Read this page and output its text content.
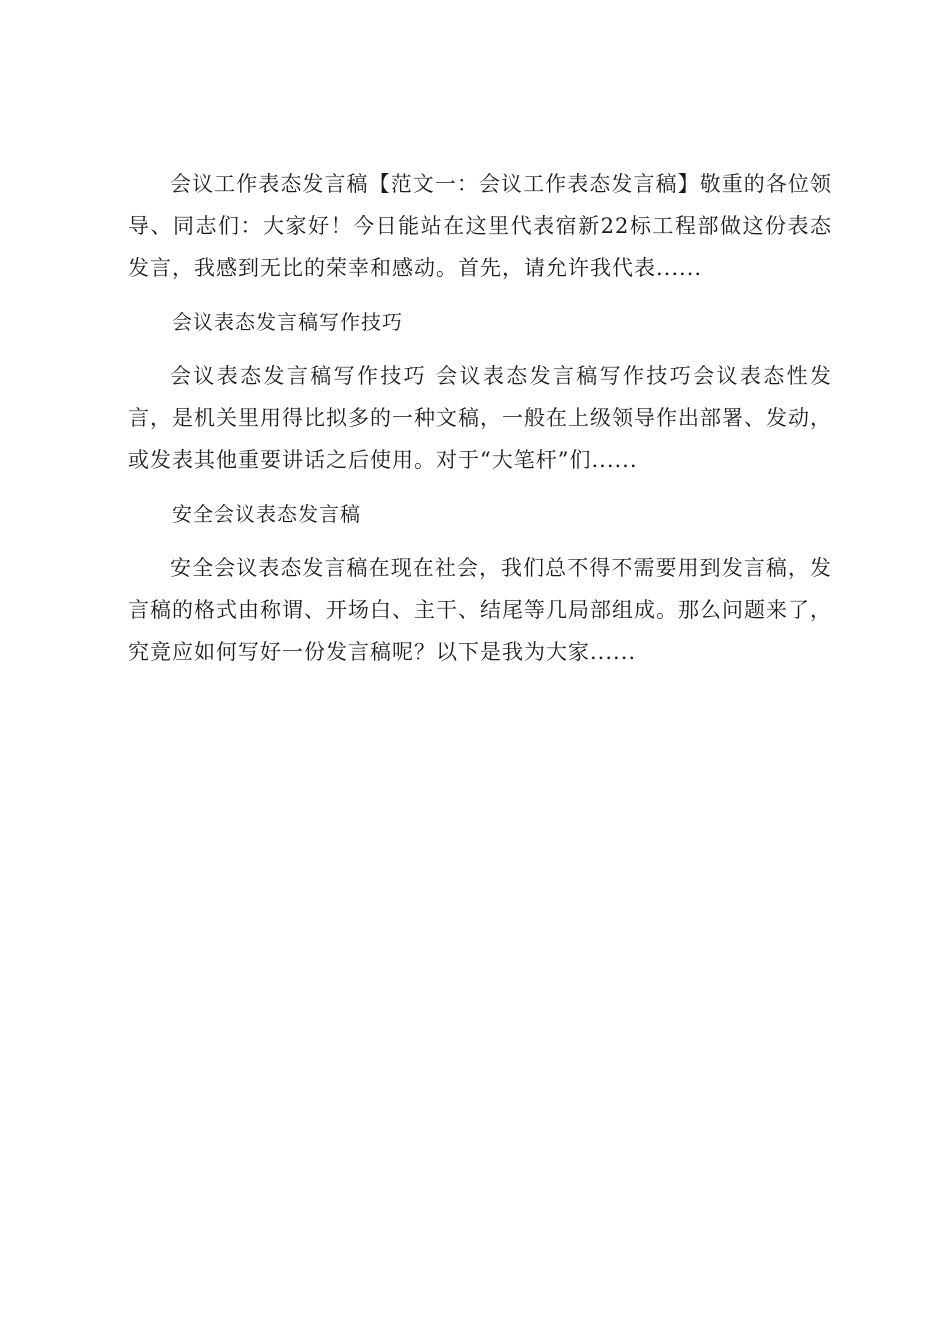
会议工作表态发言稿【范文一：会议工作表态发言稿】敬重的各位领导、同志们：大家好！今日能站在这里代表宿新22标工程部做这份表态发言，我感到无比的荣幸和感动。首先，请允许我代表......

会议表态发言稿写作技巧

会议表态发言稿写作技巧 会议表态发言稿写作技巧会议表态性发言，是机关里用得比拟多的一种文稿，一般在上级领导作出部署、发动，或发表其他重要讲话之后使用。对于“大笔杆”们......

安全会议表态发言稿

安全会议表态发言稿在现在社会，我们总不得不需要用到发言稿，发言稿的格式由称谓、开场白、主干、结尾等几局部组成。那么问题来了，究竟应如何写好一份发言稿呢？以下是我为大家......
